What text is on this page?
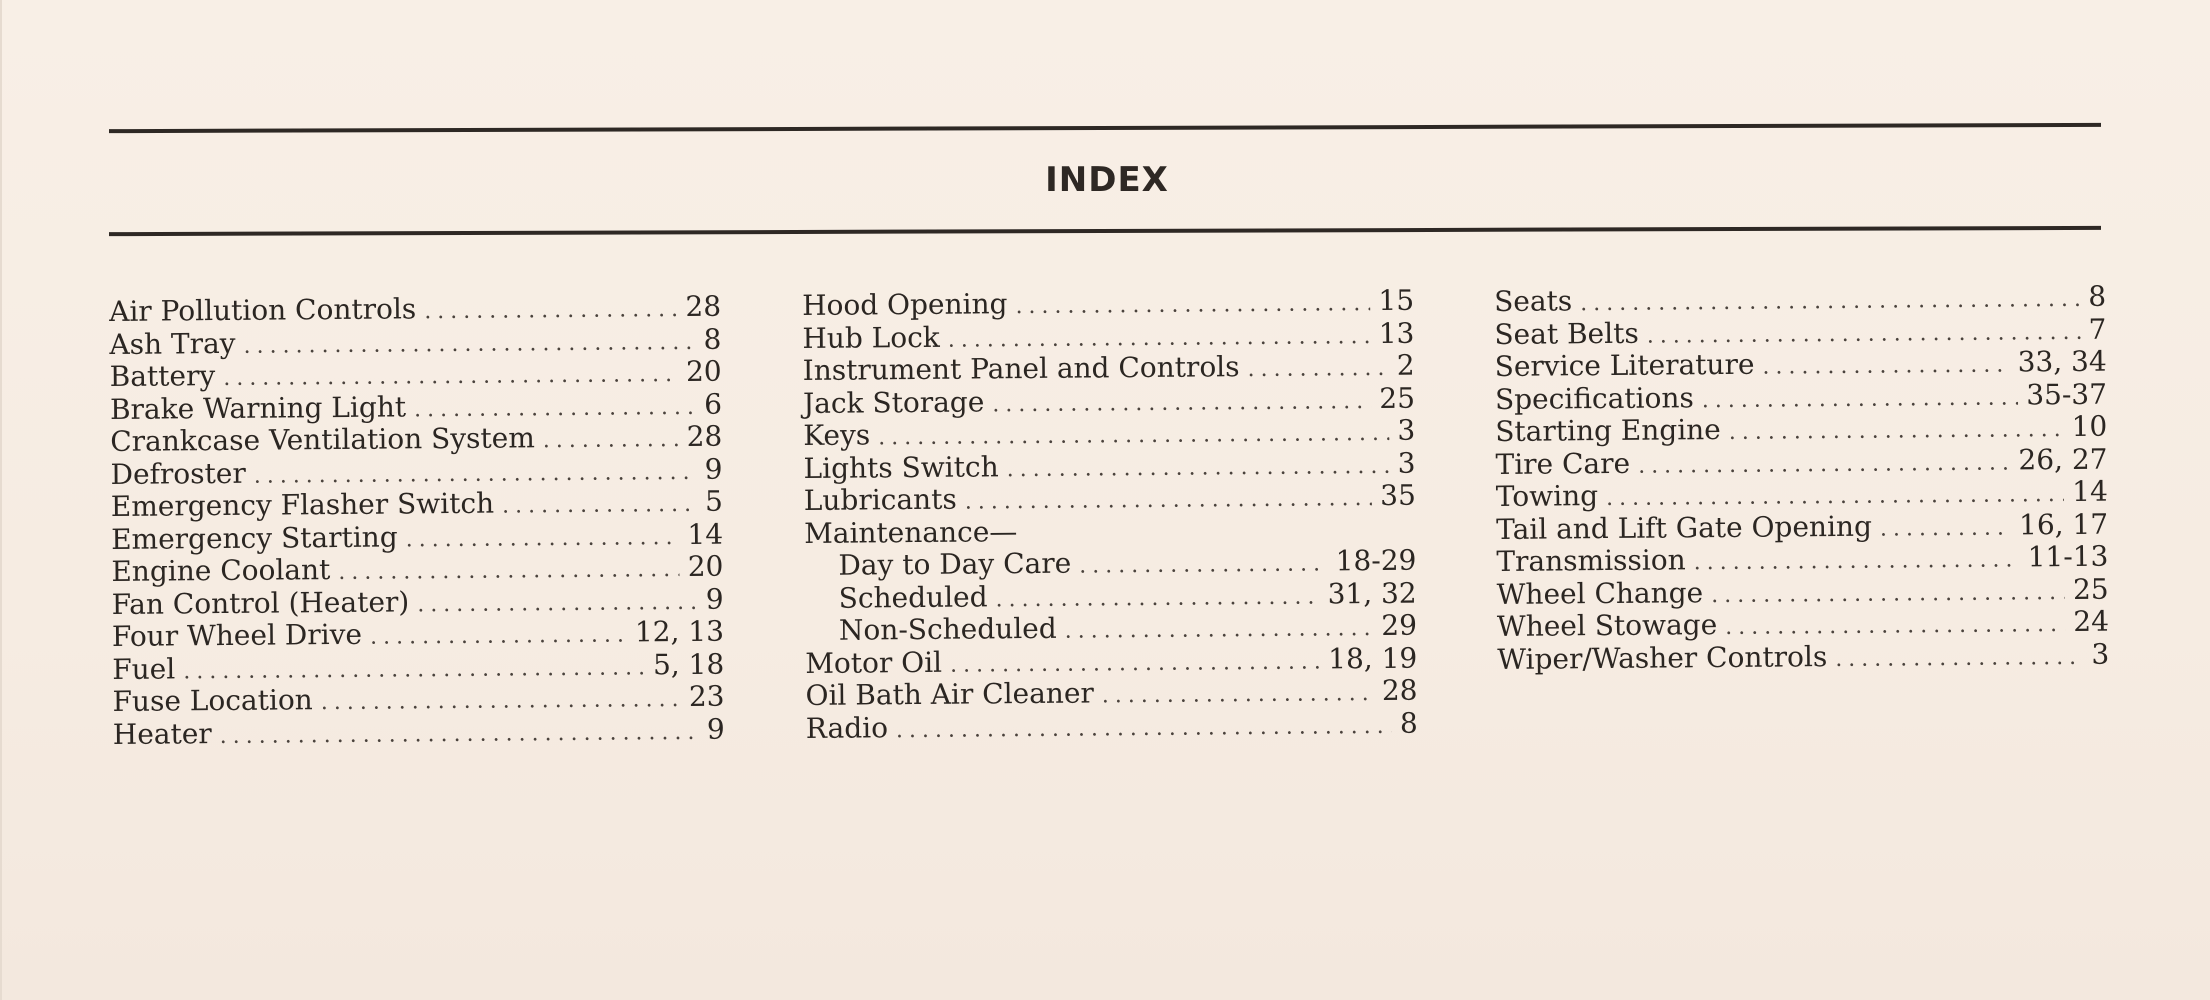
INDEX
Air Pollution Controls .....	28
Ash Tray .....	8
Battery .....	20
Brake Warning Light .....	6
Crankcase Ventilation System .....	28
Defroster .....	9
Emergency Flasher Switch .....	5
Emergency Starting .....	14
Engine Coolant .....	20
Fan Control (Heater) .....	9
Four Wheel Drive .....	12, 13
Fuel .....	5, 18
Fuse Location .....	23
Heater .....	9
Hood Opening .....	15
Hub Lock .....	13
Instrument Panel and Controls .....	2
Jack Storage .....	25
Keys .....	3
Lights Switch .....	3
Lubricants .....	35
Maintenance—
Day to Day Care .....	18-29
Scheduled .....	31, 32
Non-Scheduled .....	29
Motor Oil .....	18, 19
Oil Bath Air Cleaner .....	28
Radio .....	8
Seats .....	8
Seat Belts .....	7
Service Literature .....	33, 34
Specifications .....	35-37
Starting Engine .....	10
Tire Care .....	26, 27
Towing .....	14
Tail and Lift Gate Opening .....	16, 17
Transmission .....	11-13
Wheel Change .....	25
Wheel Stowage .....	24
Wiper/Washer Controls .....	3
